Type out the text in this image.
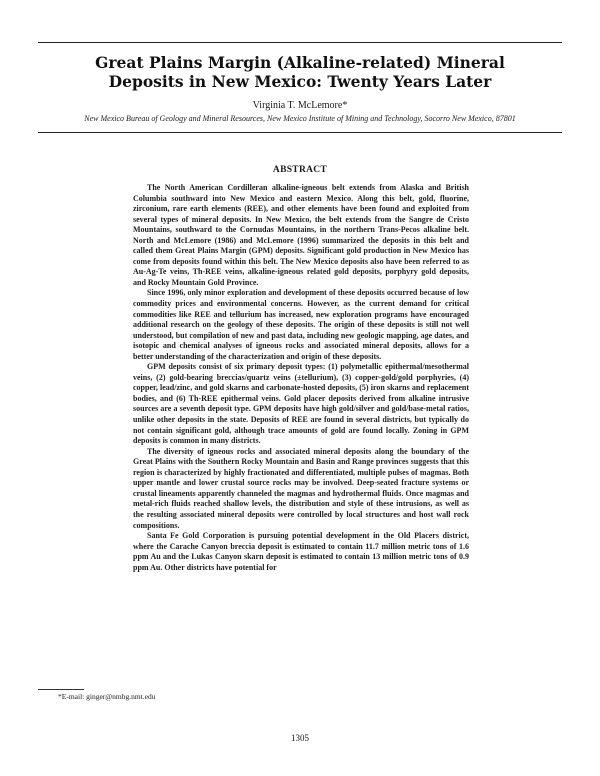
Great Plains Margin (Alkaline-related) Mineral
Deposits in New Mexico: Twenty Years Later

Virginia T. McLemore*

New Mexico Bureau of Geology and Mineral Resources, New Mexico Institute of Mining and Technology, Socorro New Mexico, 87801

ABSTRACT

The North American Cordilleran alkaline-igneous belt extends from Alaska and British Columbia southward into New Mexico and eastern Mexico. Along this belt, gold, fluorine, zirconium, rare earth elements (REE), and other elements have been found and exploited from several types of mineral deposits. In New Mexico, the belt extends from the Sangre de Cristo Mountains, southward to the Cornudas Mountains, in the northern Trans-Pecos alkaline belt. North and McLemore (1986) and McLemore (1996) summarized the deposits in this belt and called them Great Plains Margin (GPM) deposits. Significant gold production in New Mexico has come from deposits found within this belt. The New Mexico deposits also have been referred to as Au-Ag-Te veins, Th-REE veins, alkaline-igneous related gold deposits, porphyry gold deposits, and Rocky Mountain Gold Province.

Since 1996, only minor exploration and development of these deposits occurred because of low commodity prices and environmental concerns. However, as the current demand for critical commodities like REE and tellurium has increased, new exploration programs have encouraged additional research on the geology of these deposits. The origin of these deposits is still not well understood, but compilation of new and past data, including new geologic mapping, age dates, and isotopic and chemical analyses of igneous rocks and associated mineral deposits, allows for a better understanding of the characterization and origin of these deposits.

GPM deposits consist of six primary deposit types: (1) polymetallic epithermal/mesothermal veins, (2) gold-bearing breccias/quartz veins (±tellurium), (3) copper-gold/gold porphyries, (4) copper, lead/zinc, and gold skarns and carbonate-hosted deposits, (5) iron skarns and replacement bodies, and (6) Th-REE epithermal veins. Gold placer deposits derived from alkaline intrusive sources are a seventh deposit type. GPM deposits have high gold/silver and gold/base-metal ratios, unlike other deposits in the state. Deposits of REE are found in several districts, but typically do not contain significant gold, although trace amounts of gold are found locally. Zoning in GPM deposits is common in many districts.

The diversity of igneous rocks and associated mineral deposits along the boundary of the Great Plains with the Southern Rocky Mountain and Basin and Range provinces suggests that this region is characterized by highly fractionated and differentiated, multiple pulses of magmas. Both upper mantle and lower crustal source rocks may be involved. Deep-seated fracture systems or crustal lineaments apparently channeled the magmas and hydrothermal fluids. Once magmas and metal-rich fluids reached shallow levels, the distribution and style of these intrusions, as well as the resulting associated mineral deposits were controlled by local structures and host wall rock compositions.

Santa Fe Gold Corporation is pursuing potential development in the Old Placers district, where the Carache Canyon breccia deposit is estimated to contain 11.7 million metric tons of 1.6 ppm Au and the Lukas Canyon skarn deposit is estimated to contain 13 million metric tons of 0.9 ppm Au. Other districts have potential for

*E-mail: ginger@nmbg.nmt.edu

1305
